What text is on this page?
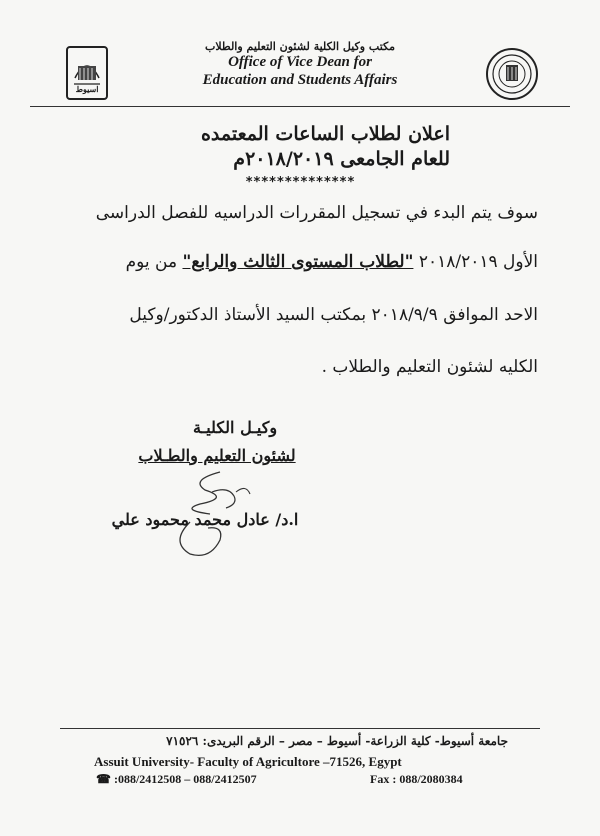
اسيوط
مكتب وكيل الكلية لشئون التعليم والطلاب
Office of Vice Dean for
Education and Students Affairs
اعلان لطلاب الساعات المعتمده
للعام الجامعى ٢٠١٨/٢٠١٩م
**************
سوف يتم البدء في تسجيل المقررات الدراسيه للفصل الدراسى
الأول ٢٠١٨/٢٠١٩ "لطلاب المستوى الثالث والرابع" من يوم
الاحد الموافق ٢٠١٨/٩/٩ بمكتب السيد الأستاذ الدكتور/وكيل
الكليه لشئون التعليم والطلاب .
وكيـل الكليـة
لشئون التعليم والطـلاب
ا.د/ عادل محمد محمود علي
جامعة أسيوط- كلية الزراعة- أسيوط – مصر – الرقم البريدى: ٧١٥٢٦
Assuit University- Faculty of Agricultore –71526, Egypt
☎ :088/2412508 – 088/2412507	Fax : 088/2080384
